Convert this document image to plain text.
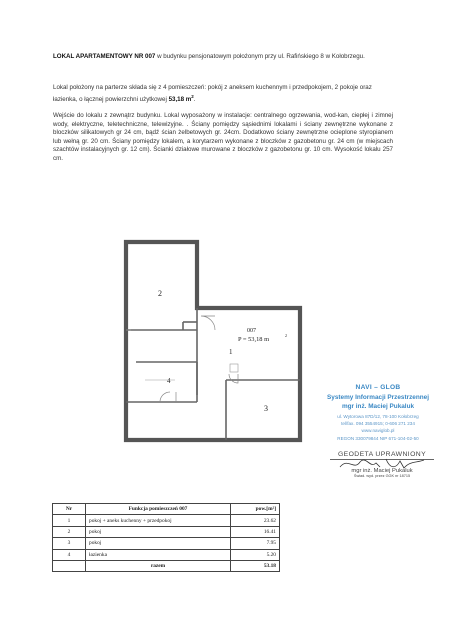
LOKAL APARTAMENTOWY NR 007 w budynku pensjonatowym położonym przy ul. Rafińskiego 8 w Kołobrzegu.
Lokal położony na parterze składa się z 4 pomieszczeń: pokój z aneksem kuchennym i przedpokojem, 2 pokoje oraz łazienka, o łącznej powierzchni użytkowej 53,18 $m^2$.
Wejście do lokalu z zewnątrz budynku. Lokal wyposażony w instalacje: centralnego ogrzewania, wod-kan, ciepłej i zimnej wody, elektryczne, teletechniczne, telewizyjne. . Ściany pomiędzy sąsiednimi lokalami i ściany zewnętrzne wykonane z bloczków silikatowych gr 24 cm, bądź ścian żelbetowych gr. 24cm. Dodatkowo ściany zewnętrzne ocieplone styropianem lub wełną gr. 20 cm. Ściany pomiędzy lokalem, a korytarzem wykonane z bloczków z gazobetonu gr. 24 cm (w miejscach szachtów instalacyjnych gr. 12 cm). Ścianki działowe murowane z bloczków z gazobetonu gr. 10 cm. Wysokość lokalu 257 cm.
2
1
3
4
007
P = 53,18 m
2
NAVI – GLOB
Systemy Informacji Przestrzennej
mgr inż. Maciej Pukaluk
ul. Wytorowa 87D/12, 78-100 Kołobrzeg
tel/fax. 094 3554915; 0-606 271 234
www.naviglob.pl
REGON 330079844 NIP 671-104-02-50
GEODETA UPRAWNIONY
mgr inż. Maciej Pukaluk
Świad. wyd. przez GGK nr 18715
Nr	Funkcja pomieszczeń 007	pow.[m²]
1	pokoj + aneks kuchenny + przedpokoj	23.62
2	pokoj	16.41
3	pokoj	7.95
4	łazienka	5.20
	razem	53.18
